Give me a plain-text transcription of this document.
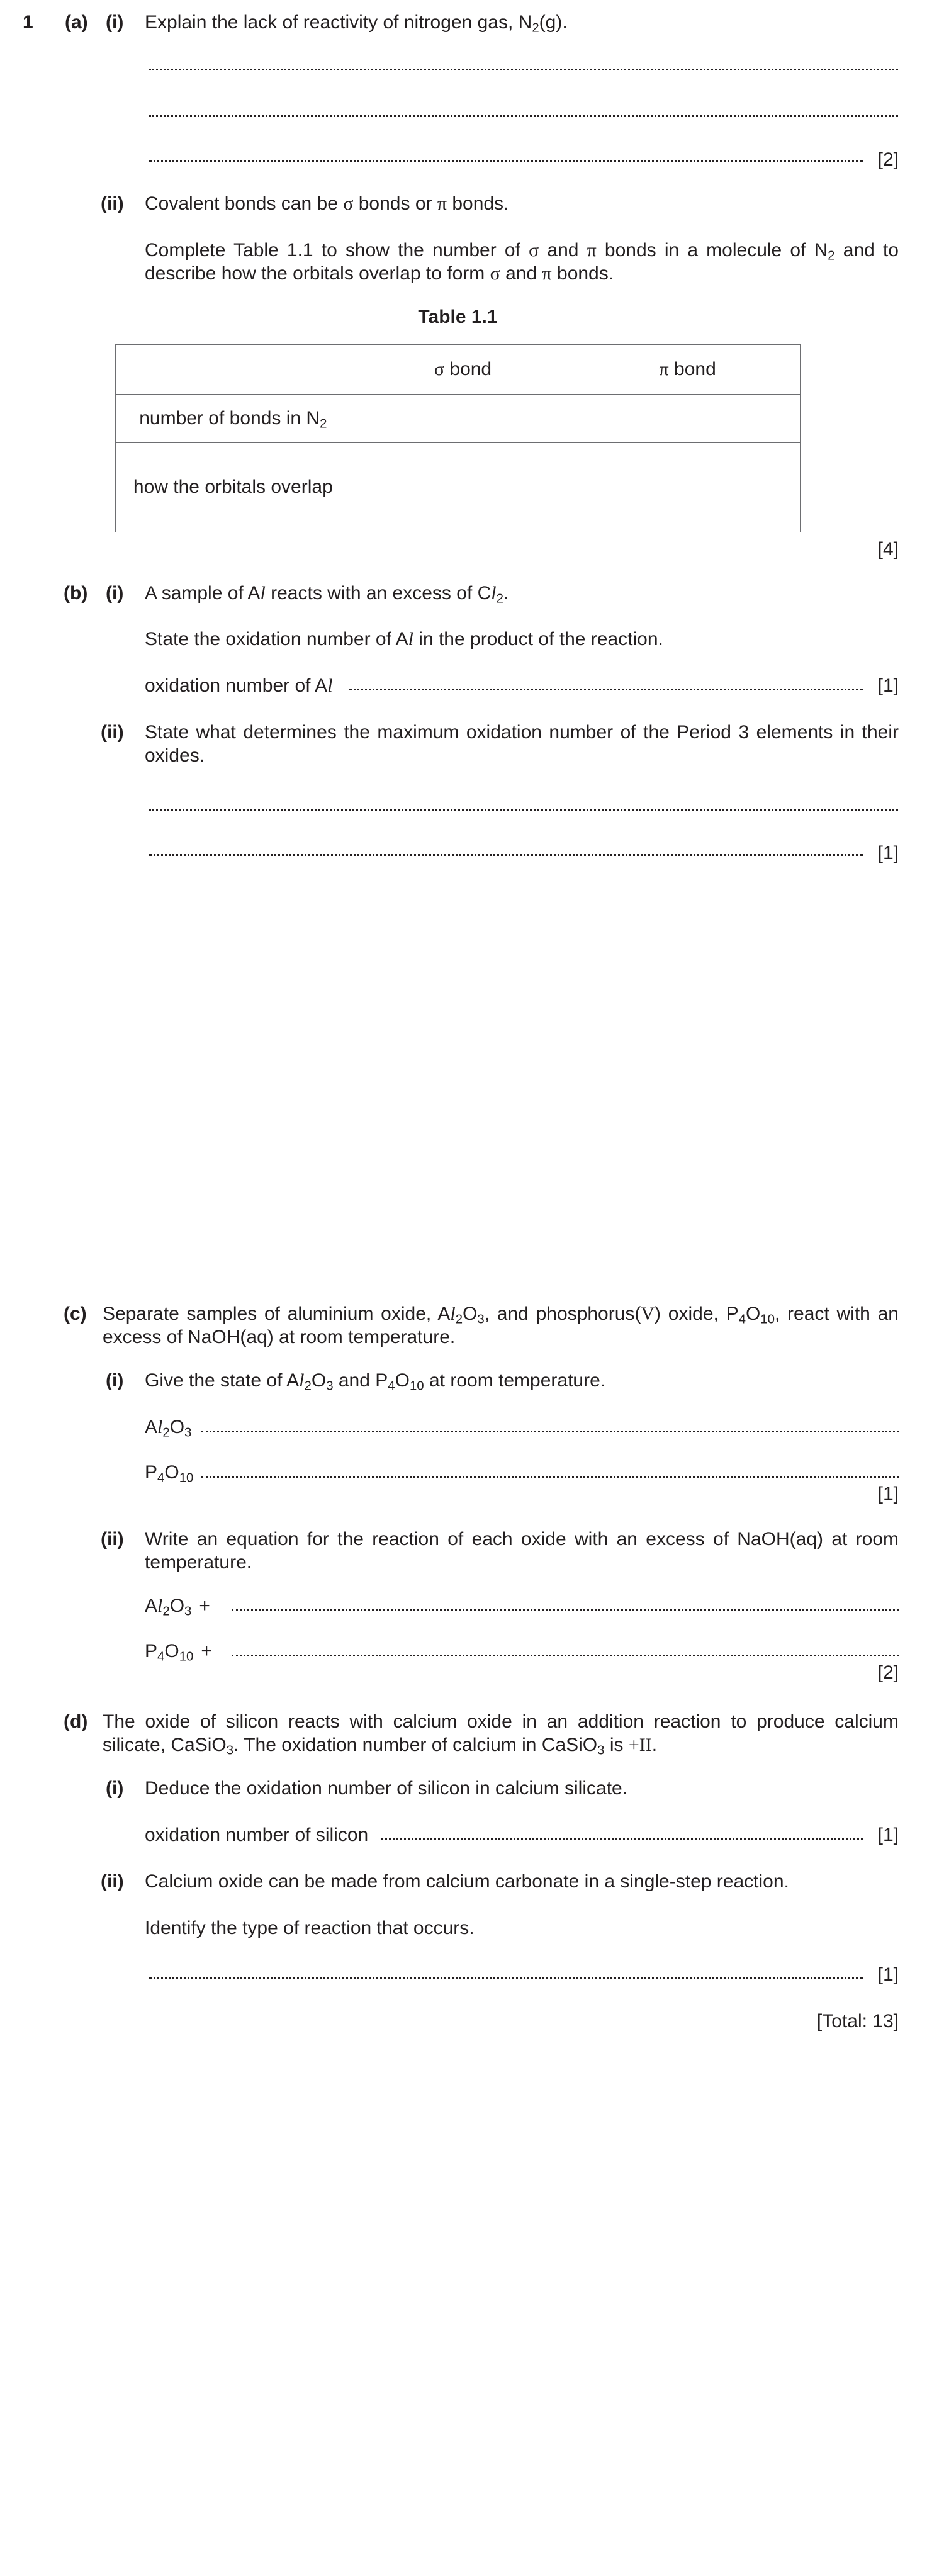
1 (a) (i) Explain the lack of reactivity of nitrogen gas, $N_2(g)$.
[2]
(ii) Covalent bonds can be σ bonds or π bonds.
Complete Table 1.1 to show the number of σ and π bonds in a molecule of $N_2$ and to describe how the orbitals overlap to form σ and π bonds.
Table 1.1
	σ bond	π bond
number of bonds in $N_2$		
how the orbitals overlap		
[4]
(b) (i) A sample of Al reacts with an excess of $Cl_2$.
State the oxidation number of Al in the product of the reaction.
oxidation number of Al	[1]
(ii) State what determines the maximum oxidation number of the Period 3 elements in their oxides.
[1]
(c) Separate samples of aluminium oxide, $Al_2O_3$, and phosphorus(V) oxide, $P_4O_{10}$, react with an excess of NaOH(aq) at room temperature.
(i) Give the state of $Al_2O_3$ and $P_4O_{10}$ at room temperature.
$Al_2O_3$
$P_4O_{10}$
[1]
(ii) Write an equation for the reaction of each oxide with an excess of NaOH(aq) at room temperature.
$Al_2O_3$ +
$P_4O_{10}$ +
[2]
(d) The oxide of silicon reacts with calcium oxide in an addition reaction to produce calcium silicate, CaSiO$_3$. The oxidation number of calcium in CaSiO$_3$ is +II.
(i) Deduce the oxidation number of silicon in calcium silicate.
oxidation number of silicon	[1]
(ii) Calcium oxide can be made from calcium carbonate in a single-step reaction.
Identify the type of reaction that occurs.
[1]
[Total: 13]
